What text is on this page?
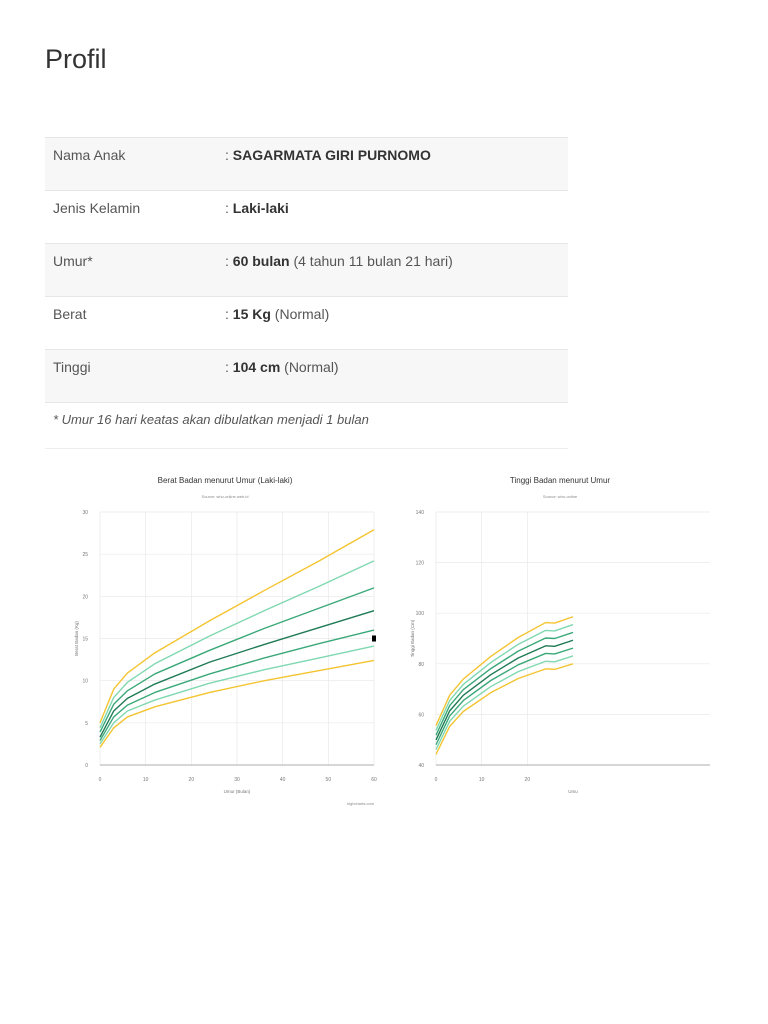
Profil
Nama Anak	: SAGARMATA GIRI PURNOMO
Jenis Kelamin	: Laki-laki
Umur*	: 60 bulan (4 tahun 11 bulan 21 hari)
Berat	: 15 Kg (Normal)
Tinggi	: 104 cm (Normal)
* Umur 16 hari keatas akan dibulatkan menjadi 1 bulan
Berat Badan menurut Umur (Laki-laki)
Source: who-online.web.id
0
5
10
15
20
25
30
0	10	20	30	40	50	60
Umur (Bulan)
Berat Badan (Kg)
highcharts.com
Tinggi Badan menurut Umur
Source: who-online
40
60
80
100
120
140
0	10	20
Umu
Tinggi Badan (Cm)
